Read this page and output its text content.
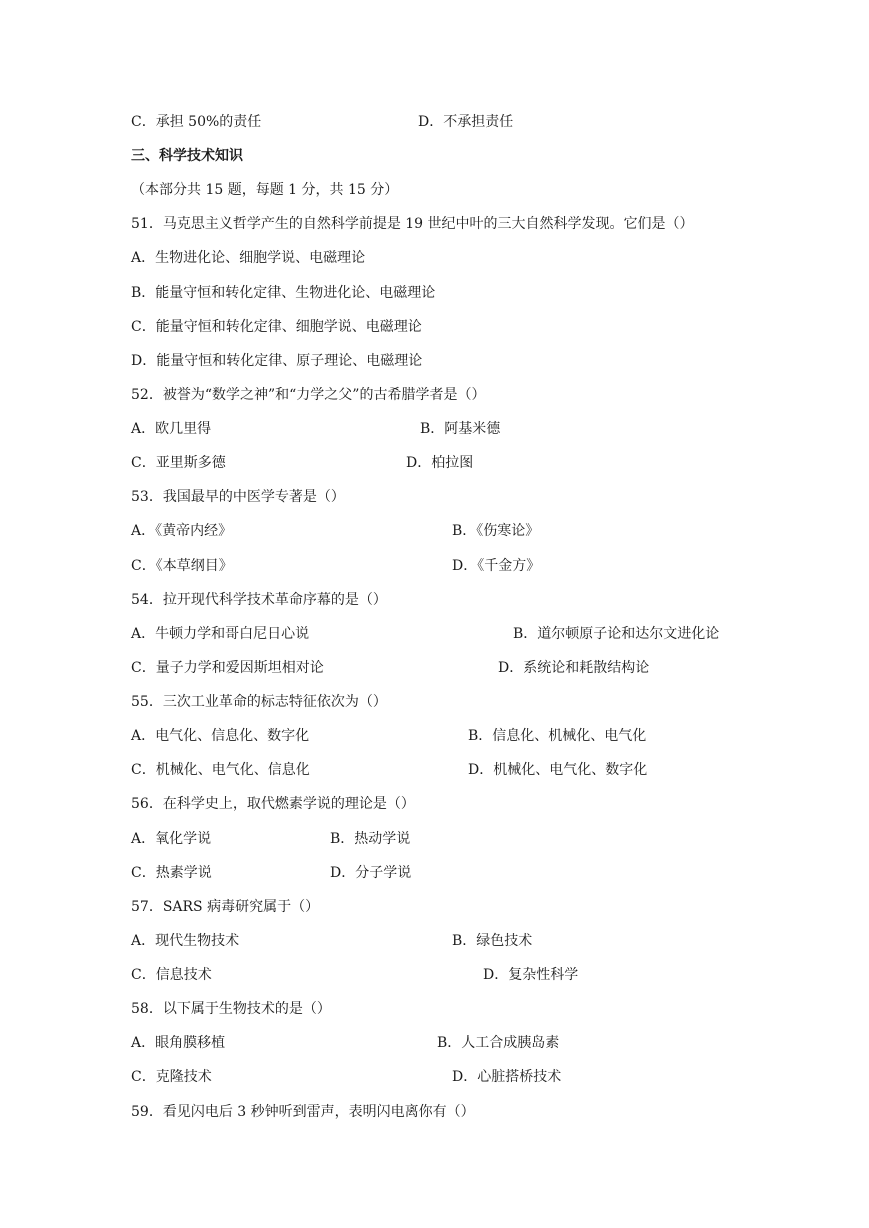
C．承担 50%的责任	D．不承担责任
三、科学技术知识
（本部分共 15 题，每题 1 分，共 15 分）
51．马克思主义哲学产生的自然科学前提是 19 世纪中叶的三大自然科学发现。它们是（）
A．生物进化论、细胞学说、电磁理论
B．能量守恒和转化定律、生物进化论、电磁理论
C．能量守恒和转化定律、细胞学说、电磁理论
D．能量守恒和转化定律、原子理论、电磁理论
52．被誉为“数学之神”和“力学之父”的古希腊学者是（）
A．欧几里得	B．阿基米德
C．亚里斯多德	D．柏拉图
53．我国最早的中医学专著是（）
A．《黄帝内经》	B．《伤寒论》
C．《本草纲目》	D．《千金方》
54．拉开现代科学技术革命序幕的是（）
A．牛顿力学和哥白尼日心说	B．道尔顿原子论和达尔文进化论
C．量子力学和爱因斯坦相对论	D．系统论和耗散结构论
55．三次工业革命的标志特征依次为（）
A．电气化、信息化、数字化	B．信息化、机械化、电气化
C．机械化、电气化、信息化	D．机械化、电气化、数字化
56．在科学史上，取代燃素学说的理论是（）
A．氧化学说	B．热动学说
C．热素学说	D．分子学说
57．SARS 病毒研究属于（）
A．现代生物技术	B．绿色技术
C．信息技术	D．复杂性科学
58．以下属于生物技术的是（）
A．眼角膜移植	B．人工合成胰岛素
C．克隆技术	D．心脏搭桥技术
59．看见闪电后 3 秒钟听到雷声，表明闪电离你有（）
